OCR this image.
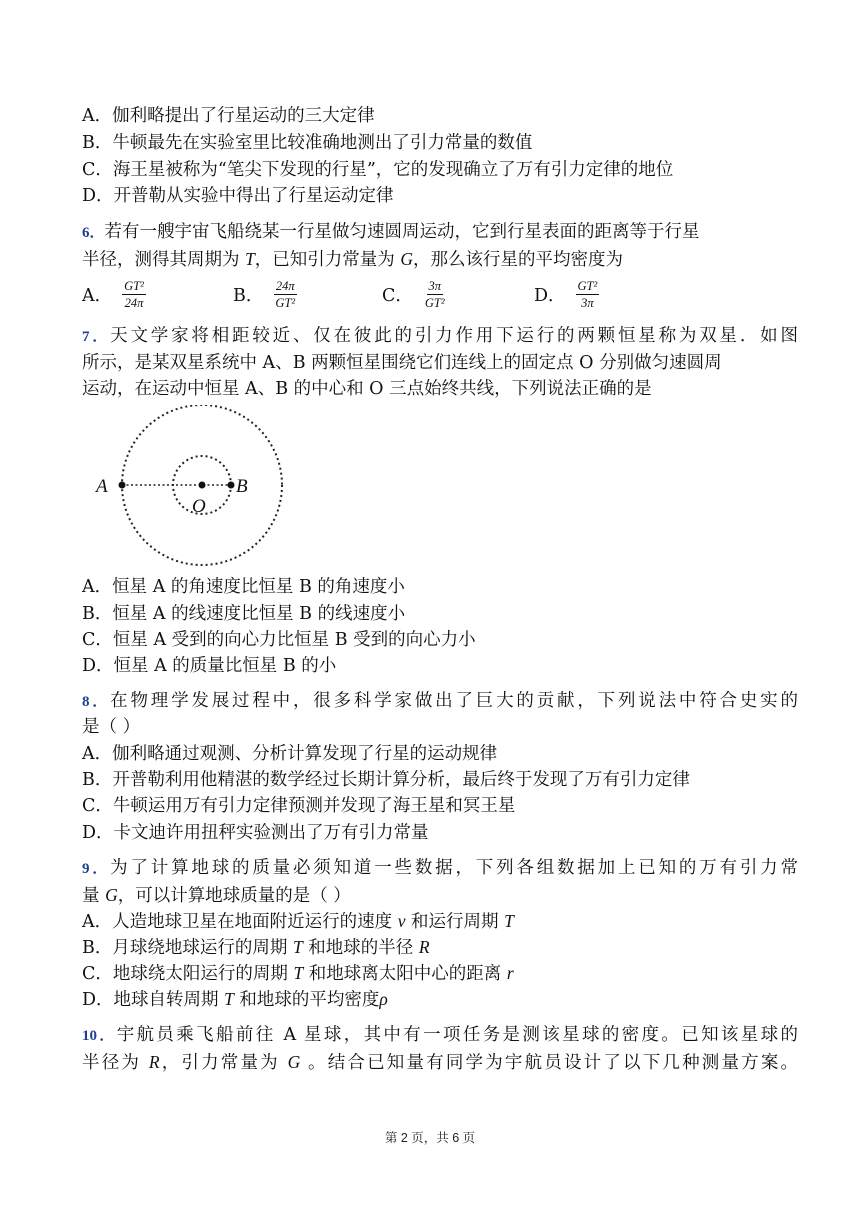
A．伽利略提出了行星运动的三大定律
B．牛顿最先在实验室里比较准确地测出了引力常量的数值
C．海王星被称为“笔尖下发现的行星”，它的发现确立了万有引力定律的地位
D．开普勒从实验中得出了行星运动定律
6．若有一艘宇宙飞船绕某一行星做匀速圆周运动，它到行星表面的距离等于行星
半径，测得其周期为 T，已知引力常量为 G，那么该行星的平均密度为
A． $\frac{\text{GT²}}{24\pi}$	B． $\frac{24\pi}{\text{GT²}}$	C． $\frac{3\pi}{\text{GT²}}$	D． $\frac{\text{GT²}}{3\pi}$
7．天文学家将相距较近、仅在彼此的引力作用下运行的两颗恒星称为双星．如图
所示，是某双星系统中 A、B 两颗恒星围绕它们连线上的固定点 O 分别做匀速圆周
运动，在运动中恒星 A、B 的中心和 O 三点始终共线，下列说法正确的是
A
O
B
A．恒星 A 的角速度比恒星 B 的角速度小
B．恒星 A 的线速度比恒星 B 的线速度小
C．恒星 A 受到的向心力比恒星 B 受到的向心力小
D．恒星 A 的质量比恒星 B 的小
8．在物理学发展过程中，很多科学家做出了巨大的贡献，下列说法中符合史实的
是（ ）
A．伽利略通过观测、分析计算发现了行星的运动规律
B．开普勒利用他精湛的数学经过长期计算分析，最后终于发现了万有引力定律
C．牛顿运用万有引力定律预测并发现了海王星和冥王星
D．卡文迪许用扭秤实验测出了万有引力常量
9．为了计算地球的质量必须知道一些数据，下列各组数据加上已知的万有引力常
量 G，可以计算地球质量的是（ ）
A．人造地球卫星在地面附近运行的速度 v 和运行周期 T
B．月球绕地球运行的周期 T 和地球的半径 R
C．地球绕太阳运行的周期 T 和地球离太阳中心的距离 r
D．地球自转周期 T 和地球的平均密度ρ
10．宇航员乘飞船前往 A 星球，其中有一项任务是测该星球的密度。已知该星球的
半径为 R，引力常量为 G 。结合已知量有同学为宇航员设计了以下几种测量方案。
第 2 页，共 6 页
